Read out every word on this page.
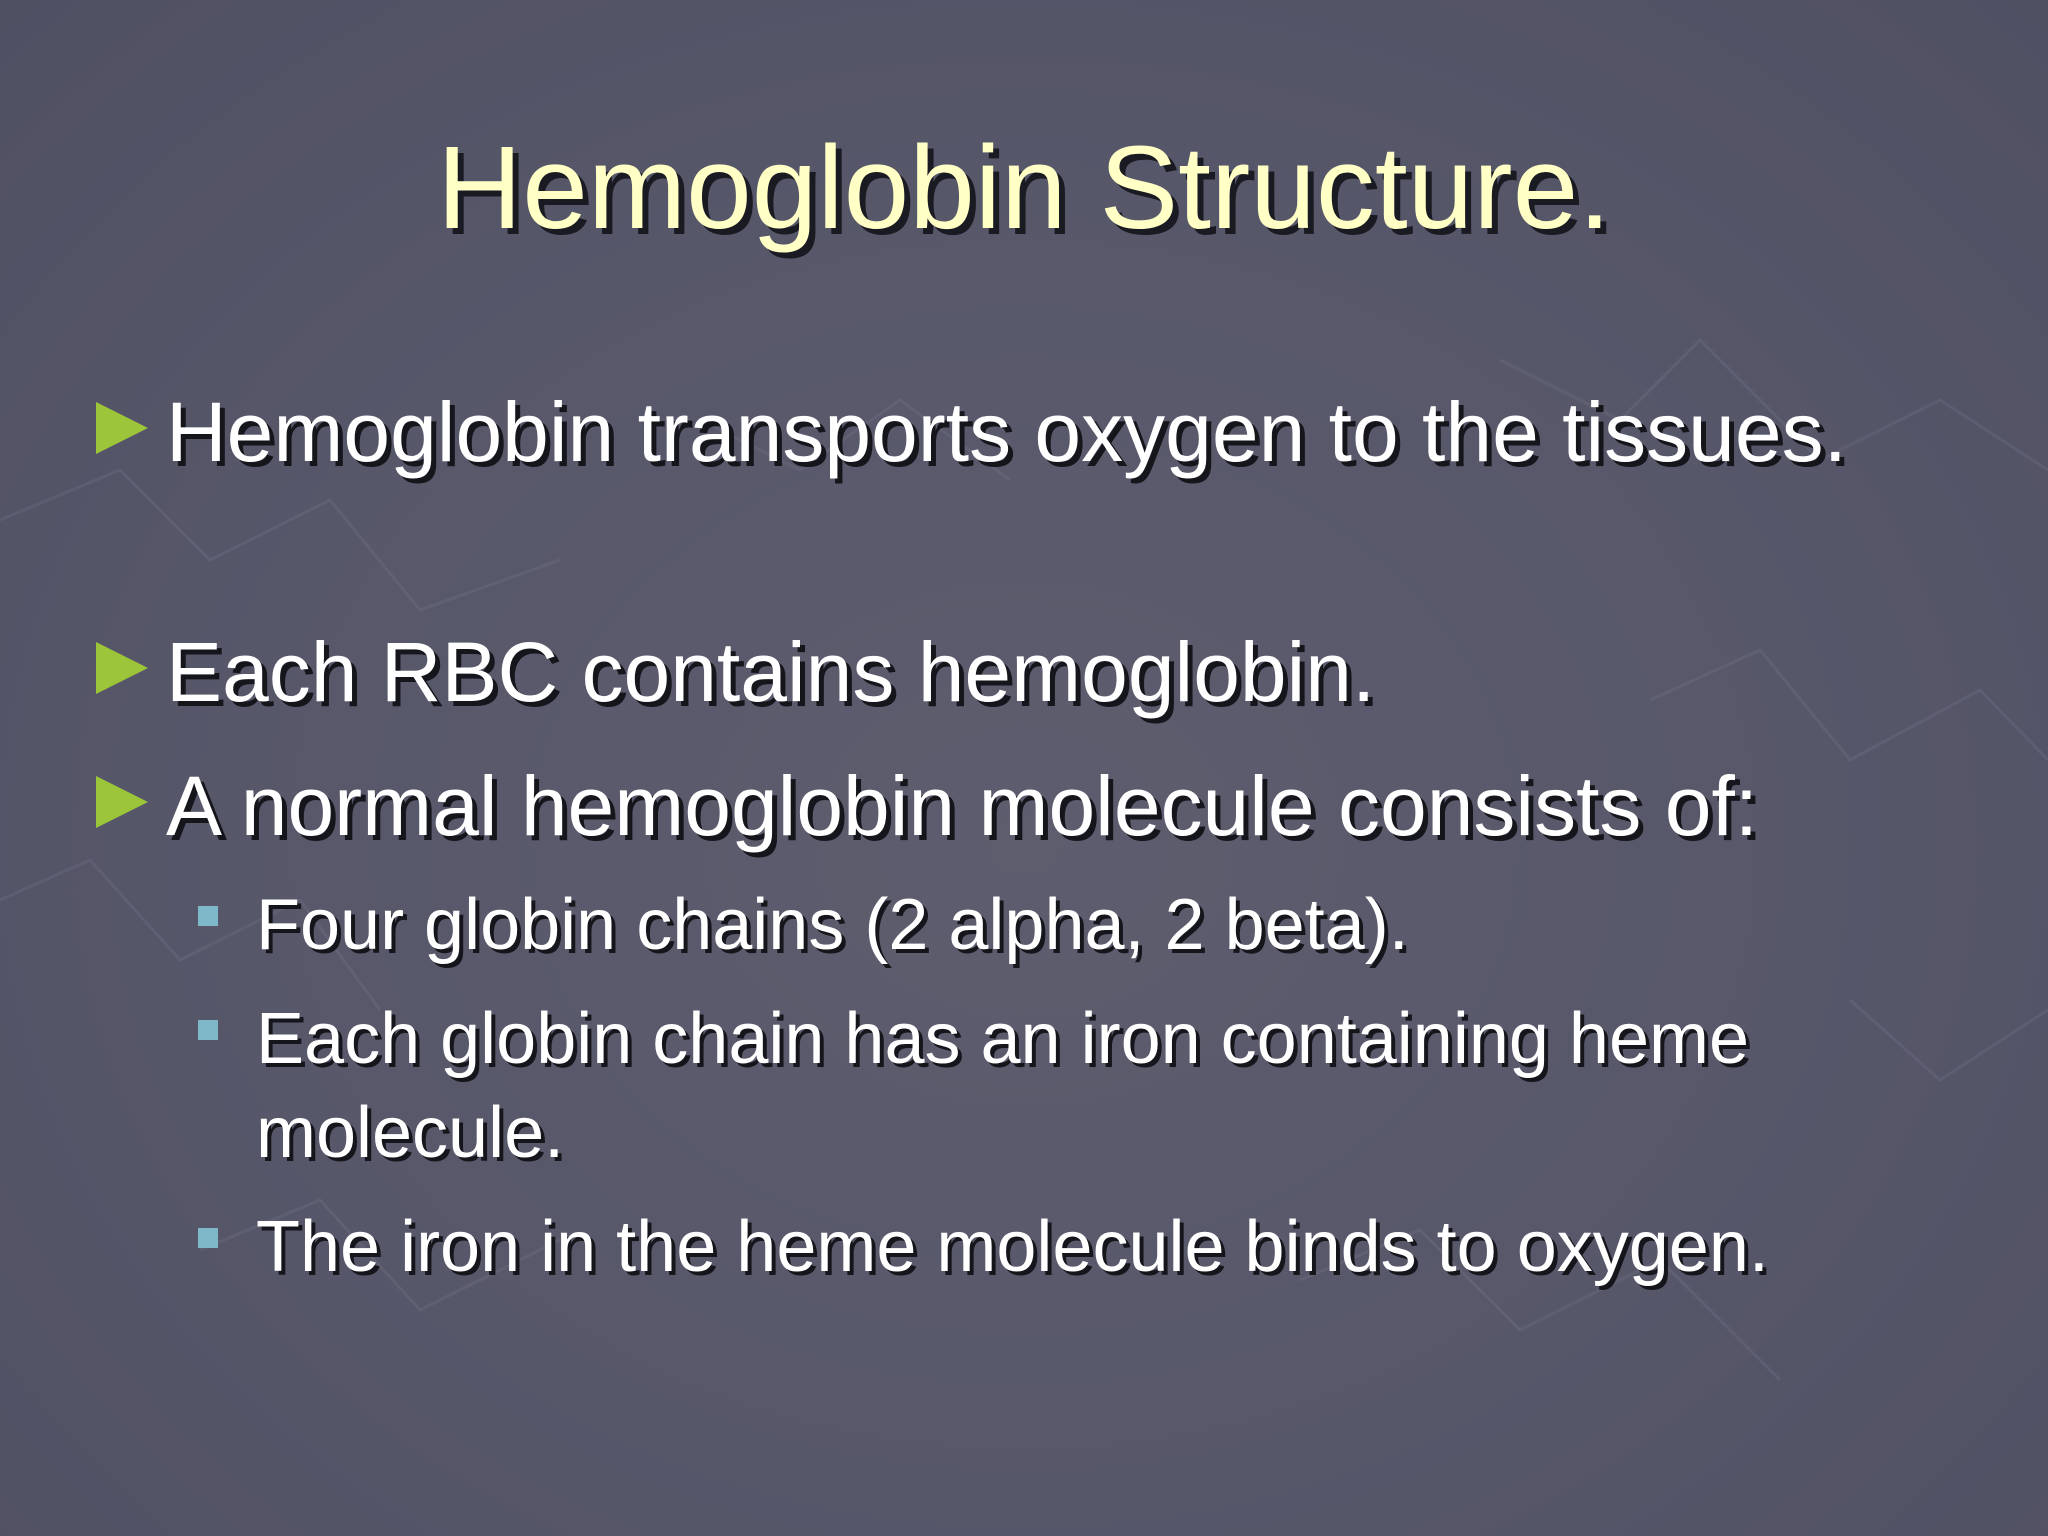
Hemoglobin Structure.
Hemoglobin transports oxygen to the tissues.
Each RBC contains hemoglobin.
A normal hemoglobin molecule consists of:
Four globin chains (2 alpha, 2 beta).
Each globin chain has an iron containing heme molecule.
The iron in the heme molecule binds to oxygen.
